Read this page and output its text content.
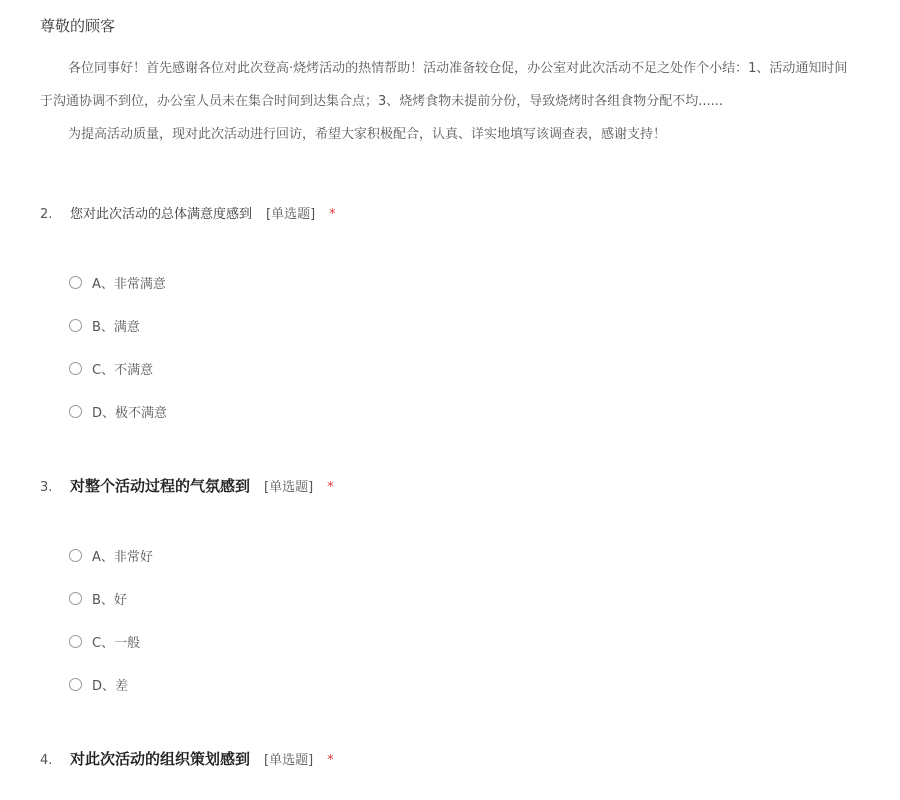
尊敬的顾客
各位同事好！首先感谢各位对此次登高·烧烤活动的热情帮助！活动准备较仓促，办公室对此次活动不足之处作个小结：1、活动通知时间
于沟通协调不到位，办公室人员未在集合时间到达集合点；3、烧烤食物未提前分份，导致烧烤时各组食物分配不均......
为提高活动质量，现对此次活动进行回访，希望大家积极配合，认真、详实地填写该调查表，感谢支持！
2.	您对此次活动的总体满意度感到 [单选题] *
A、非常满意
B、满意
C、不满意
D、极不满意
3.	对整个活动过程的气氛感到 [单选题] *
A、非常好
B、好
C、一般
D、差
4.	对此次活动的组织策划感到 [单选题] *
